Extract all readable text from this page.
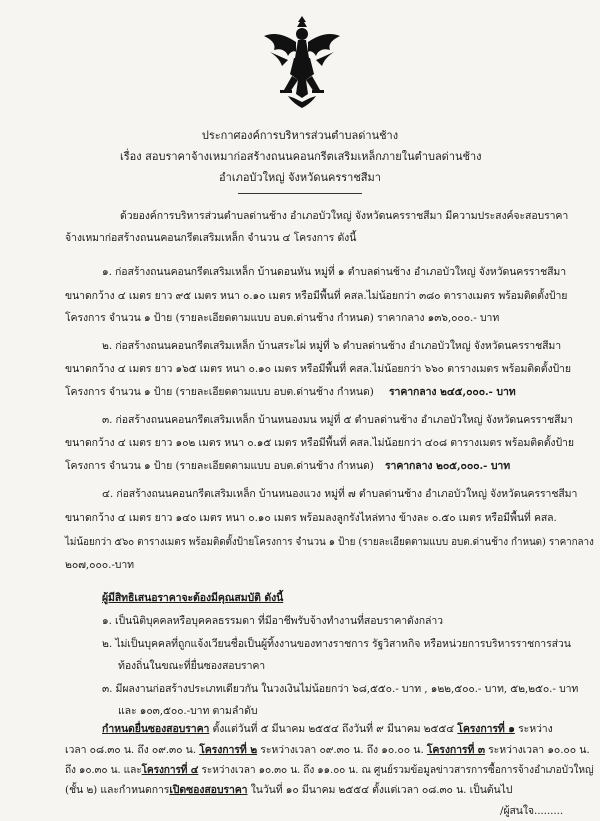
ประกาศองค์การบริหารส่วนตำบลด่านช้าง
เรื่อง สอบราคาจ้างเหมาก่อสร้างถนนคอนกรีตเสริมเหล็กภายในตำบลด่านช้าง
อำเภอบัวใหญ่ จังหวัดนครราชสีมา
ด้วยองค์การบริหารส่วนตำบลด่านช้าง อำเภอบัวใหญ่ จังหวัดนครราชสีมา มีความประสงค์จะสอบราคา
จ้างเหมาก่อสร้างถนนคอนกรีตเสริมเหล็ก จำนวน ๔ โครงการ ดังนี้
๑. ก่อสร้างถนนคอนกรีตเสริมเหล็ก บ้านดอนหัน หมู่ที่ ๑ ตำบลด่านช้าง อำเภอบัวใหญ่ จังหวัดนครราชสีมา
ขนาดกว้าง ๔ เมตร ยาว ๙๕ เมตร หนา ๐.๑๐ เมตร หรือมีพื้นที่ คสล.ไม่น้อยกว่า ๓๘๐ ตารางเมตร พร้อมติดตั้งป้าย
โครงการ จำนวน ๑ ป้าย (รายละเอียดตามแบบ อบต.ด่านช้าง กำหนด) ราคากลาง ๑๓๖,๐๐๐.- บาท
๒. ก่อสร้างถนนคอนกรีตเสริมเหล็ก บ้านสระไผ่ หมู่ที่ ๖ ตำบลด่านช้าง อำเภอบัวใหญ่ จังหวัดนครราชสีมา
ขนาดกว้าง ๔ เมตร ยาว ๑๖๕ เมตร หนา ๐.๑๐ เมตร หรือมีพื้นที่ คสล.ไม่น้อยกว่า ๖๖๐ ตารางเมตร พร้อมติดตั้งป้าย
โครงการ จำนวน ๑ ป้าย (รายละเอียดตามแบบ อบต.ด่านช้าง กำหนด) ราคากลาง ๒๔๕,๐๐๐.- บาท
๓. ก่อสร้างถนนคอนกรีตเสริมเหล็ก บ้านหนองมน หมู่ที่ ๕ ตำบลด่านช้าง อำเภอบัวใหญ่ จังหวัดนครราชสีมา
ขนาดกว้าง ๔ เมตร ยาว ๑๐๒ เมตร หนา ๐.๑๕ เมตร หรือมีพื้นที่ คสล.ไม่น้อยกว่า ๔๐๘ ตารางเมตร พร้อมติดตั้งป้าย
โครงการ จำนวน ๑ ป้าย (รายละเอียดตามแบบ อบต.ด่านช้าง กำหนด) ราคากลาง ๒๐๕,๐๐๐.- บาท
๔. ก่อสร้างถนนคอนกรีตเสริมเหล็ก บ้านหนองแวง หมู่ที่ ๗ ตำบลด่านช้าง อำเภอบัวใหญ่ จังหวัดนครราชสีมา
ขนาดกว้าง ๔ เมตร ยาว ๑๔๐ เมตร หนา ๐.๑๐ เมตร พร้อมลงลูกรังไหล่ทาง ข้างละ ๐.๕๐ เมตร หรือมีพื้นที่ คสล.
ไม่น้อยกว่า ๕๖๐ ตารางเมตร พร้อมติดตั้งป้ายโครงการ จำนวน ๑ ป้าย (รายละเอียดตามแบบ อบต.ด่านช้าง กำหนด) ราคากลาง
๒๐๗,๐๐๐.-บาท
ผู้มีสิทธิเสนอราคาจะต้องมีคุณสมบัติ ดังนี้
๑. เป็นนิติบุคคลหรือบุคคลธรรมดา ที่มีอาชีพรับจ้างทำงานที่สอบราคาดังกล่าว
๒. ไม่เป็นบุคคลที่ถูกแจ้งเวียนชื่อเป็นผู้ทิ้งงานของทางราชการ รัฐวิสาหกิจ หรือหน่วยการบริหารราชการส่วน
ท้องถิ่นในขณะที่ยื่นซองสอบราคา
๓. มีผลงานก่อสร้างประเภทเดียวกัน ในวงเงินไม่น้อยกว่า ๖๘,๕๕๐.- บาท , ๑๒๒,๕๐๐.- บาท, ๕๒,๒๕๐.- บาท
และ ๑๐๓,๕๐๐.-บาท ตามลำดับ
กำหนดยื่นซองสอบราคา ตั้งแต่วันที่ ๕ มีนาคม ๒๕๕๔ ถึงวันที่ ๙ มีนาคม ๒๕๕๔ โครงการที่ ๑ ระหว่าง
เวลา ๐๘.๓๐ น. ถึง ๐๙.๓๐ น. โครงการที่ ๒ ระหว่างเวลา ๐๙.๓๐ น. ถึง ๑๐.๐๐ น. โครงการที่ ๓ ระหว่างเวลา ๑๐.๐๐ น.
ถึง ๑๐.๓๐ น. และโครงการที่ ๔ ระหว่างเวลา ๑๐.๓๐ น. ถึง ๑๑.๐๐ น. ณ ศูนย์รวมข้อมูลข่าวสารการซื้อการจ้างอำเภอบัวใหญ่
(ชั้น ๒) และกำหนดการเปิดซองสอบราคา ในวันที่ ๑๐ มีนาคม ๒๕๕๔ ตั้งแต่เวลา ๐๘.๓๐ น. เป็นต้นไป
/ผู้สนใจ.........
